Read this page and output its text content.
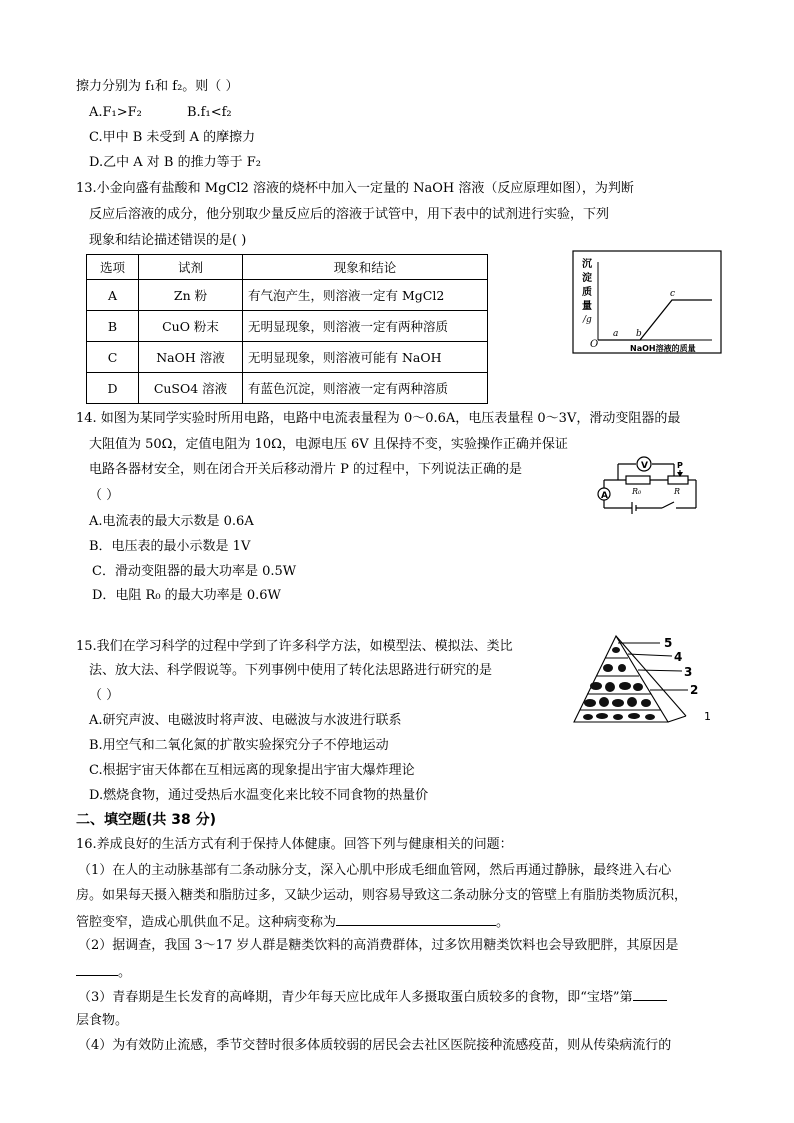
擦力分别为 f₁和 f₂。则（ ）
A.F₁>F₂	B.f₁<f₂
C.甲中 B 未受到 A 的摩擦力
D.乙中 A 对 B 的推力等于 F₂
13.小金向盛有盐酸和 MgCl2 溶液的烧杯中加入一定量的 NaOH 溶液（反应原理如图），为判断
反应后溶液的成分，他分别取少量反应后的溶液于试管中，用下表中的试剂进行实验，下列
现象和结论描述错误的是( )
选项	试剂	现象和结论
A	Zn 粉	有气泡产生，则溶液一定有 MgCl2
B	CuO 粉末	无明显现象，则溶液一定有两种溶质
C	NaOH 溶液	无明显现象，则溶液可能有 NaOH
D	CuSO4 溶液	有蓝色沉淀，则溶液一定有两种溶质
沉
淀
质
量
/g
O
a b
c
NaOH溶液的质量
14. 如图为某同学实验时所用电路，电路中电流表量程为 0～0.6A，电压表量程 0～3V，滑动变阻器的最
大阻值为 50Ω，定值电阻为 10Ω，电源电压 6V 且保持不变，实验操作正确并保证
电路各器材安全，则在闭合开关后移动滑片 P 的过程中，下列说法正确的是
（ ）
A.电流表的最大示数是 0.6A
B．电压表的最小示数是 1V
C．滑动变阻器的最大功率是 0.5W
D．电阻 R₀ 的最大功率是 0.6W
V
A	R₀	R
P
15.我们在学习科学的过程中学到了许多科学方法，如模型法、模拟法、类比
法、放大法、科学假说等。下列事例中使用了转化法思路进行研究的是
（ ）
A.研究声波、电磁波时将声波、电磁波与水波进行联系
B.用空气和二氧化氮的扩散实验探究分子不停地运动
C.根据宇宙天体都在互相远离的现象提出宇宙大爆炸理论
D.燃烧食物，通过受热后水温变化来比较不同食物的热量价
5
4
3
2
1
二、填空题(共 38 分)
16.养成良好的生活方式有利于保持人体健康。回答下列与健康相关的问题：
（1）在人的主动脉基部有二条动脉分支，深入心肌中形成毛细血管网，然后再通过静脉，最终进入右心
房。如果每天摄入糖类和脂肪过多，又缺少运动，则容易导致这二条动脉分支的管壁上有脂肪类物质沉积，
管腔变窄，造成心肌供血不足。这种病变称为	。
（2）据调查，我国 3～17 岁人群是糖类饮料的高消费群体，过多饮用糖类饮料也会导致肥胖，其原因是
。
（3）青春期是生长发育的高峰期，青少年每天应比成年人多摄取蛋白质较多的食物，即“宝塔”第
层食物。
（4）为有效防止流感，季节交替时很多体质较弱的居民会去社区医院接种流感疫苗，则从传染病流行的
